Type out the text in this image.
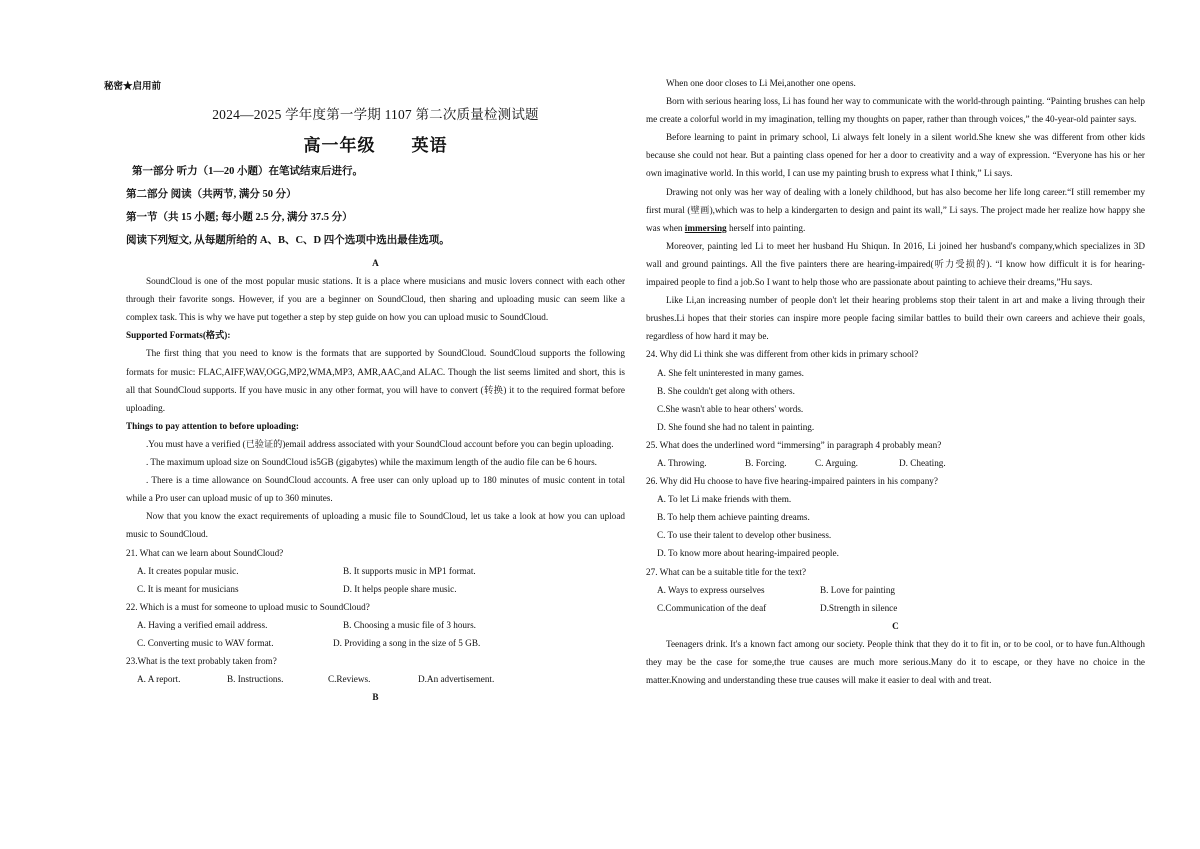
秘密★启用前
2024—2025 学年度第一学期 1107 第二次质量检测试题
高一年级　　英语

第一部分 听力（1—20 小题）在笔试结束后进行。

第二部分 阅读（共两节, 满分 50 分）

第一节（共 15 小题; 每小题 2.5 分, 满分 37.5 分）

阅读下列短文, 从每题所给的 A、B、C、D 四个选项中选出最佳选项。

A

SoundCloud is one of the most popular music stations. It is a place where musicians and music lovers connect with each other through their favorite songs. However, if you are a beginner on SoundCloud, then sharing and uploading music can seem like a complex task. This is why we have put together a step by step guide on how you can upload music to SoundCloud.

Supported Formats(格式):

The first thing that you need to know is the formats that are supported by SoundCloud. SoundCloud supports the following formats for music: FLAC,AIFF,WAV,OGG,MP2,WMA,MP3, AMR,AAC,and ALAC. Though the list seems limited and short, this is all that SoundCloud supports. If you have music in any other format, you will have to convert (转换) it to the required format before uploading.

Things to pay attention to before uploading:

.You must have a verified (已验证的)email address associated with your SoundCloud account before you can begin uploading.

. The maximum upload size on SoundCloud is5GB (gigabytes) while the maximum length of the audio file can be 6 hours.

. There is a time allowance on SoundCloud accounts. A free user can only upload up to 180 minutes of music content in total while a Pro user can upload music of up to 360 minutes.

Now that you know the exact requirements of uploading a music file to SoundCloud, let us take a look at how you can upload music to SoundCloud.

21. What can we learn about SoundCloud?

A. It creates popular music.	B. It supports music in MP1 format.
C. It is meant for musicians	D. It helps people share music.

22. Which is a must for someone to upload music to SoundCloud?

A. Having a verified email address.	B. Choosing a music file of 3 hours.
C. Converting music to WAV format.	D. Providing a song in the size of 5 GB.

23.What is the text probably taken from?

A. A report.	B. Instructions.	C.Reviews.	D.An advertisement.

B

When one door closes to Li Mei,another one opens.

Born with serious hearing loss, Li has found her way to communicate with the world-through painting. “Painting brushes can help me create a colorful world in my imagination, telling my thoughts on paper, rather than through voices,” the 40-year-old painter says.

Before learning to paint in primary school, Li always felt lonely in a silent world.She knew she was different from other kids because she could not hear. But a painting class opened for her a door to creativity and a way of expression. “Everyone has his or her own imaginative world. In this world, I can use my painting brush to express what I think,” Li says.

Drawing not only was her way of dealing with a lonely childhood, but has also become her life long career.“I still remember my first mural (壁画),which was to help a kindergarten to design and paint its wall,” Li says. The project made her realize how happy she was when immersing herself into painting.

Moreover, painting led Li to meet her husband Hu Shiqun. In 2016, Li joined her husband's company,which specializes in 3D wall and ground paintings. All the five painters there are hearing-impaired(听力受损的). “I know how difficult it is for hearing-impaired people to find a job.So I want to help those who are passionate about painting to achieve their dreams,”Hu says.

Like Li,an increasing number of people don't let their hearing problems stop their talent in art and make a living through their brushes.Li hopes that their stories can inspire more people facing similar battles to build their own careers and achieve their goals, regardless of how hard it may be.

24. Why did Li think she was different from other kids in primary school?

A. She felt uninterested in many games.

B. She couldn't get along with others.

C.She wasn't able to hear others' words.

D. She found she had no talent in painting.

25. What does the underlined word “immersing” in paragraph 4 probably mean?

A. Throwing.	B. Forcing.	C. Arguing.	D. Cheating.

26. Why did Hu choose to have five hearing-impaired painters in his company?

A. To let Li make friends with them.

B. To help them achieve painting dreams.

C. To use their talent to develop other business.

D. To know more about hearing-impaired people.

27. What can be a suitable title for the text?

A. Ways to express ourselves	B. Love for painting
C.Communication of the deaf	D.Strength in silence

C

Teenagers drink. It's a known fact among our society. People think that they do it to fit in, or to be cool, or to have fun.Although they may be the case for some,the true causes are much more serious.Many do it to escape, or they have no choice in the matter.Knowing and understanding these true causes will make it easier to deal with and treat.
